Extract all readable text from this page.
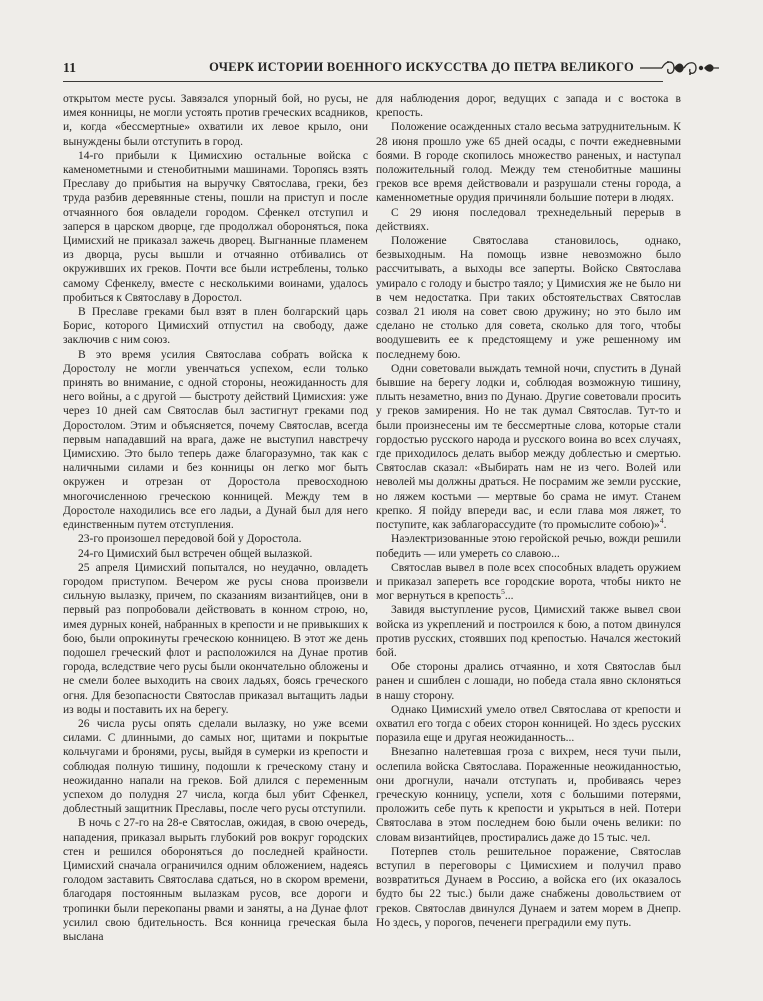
11	ОЧЕРК ИСТОРИИ ВОЕННОГО ИСКУССТВА ДО ПЕТРА ВЕЛИКОГО

открытом месте русы. Завязался упорный бой, но русы, не имея конницы, не могли устоять против греческих всадников, и, когда «бессмертные» охватили их левое крыло, они вынуждены были отступить в город.

14-го прибыли к Цимисхию остальные войска с каменометными и стенобитными машинами. Торопясь взять Преславу до прибытия на выручку Святослава, греки, без труда разбив деревянные стены, пошли на приступ и после отчаянного боя овладели городом. Сфенкел отступил и заперся в царском дворце, где продолжал обороняться, пока Цимисхий не приказал зажечь дворец. Выгнанные пламенем из дворца, русы вышли и отчаянно отбивались от окруживших их греков. Почти все были истреблены, только самому Сфенкелу, вместе с несколькими воинами, удалось пробиться к Святославу в Доростол.

В Преславе греками был взят в плен болгарский царь Борис, которого Цимисхий отпустил на свободу, даже заключив с ним союз.

В это время усилия Святослава собрать войска к Доростолу не могли увенчаться успехом, если только принять во внимание, с одной стороны, неожиданность для него войны, а с другой — быстроту действий Цимисхия: уже через 10 дней сам Святослав был застигнут греками под Доростолом. Этим и объясняется, почему Святослав, всегда первым нападавший на врага, даже не выступил навстречу Цимисхию. Это было теперь даже благоразумно, так как с наличными силами и без конницы он легко мог быть окружен и отрезан от Доростола превосходною многочисленною греческою конницей. Между тем в Доростоле находились все его ладьи, а Дунай был для него единственным путем отступления.

23-го произошел передовой бой у Доростола.

24-го Цимисхий был встречен общей вылазкой.

25 апреля Цимисхий попытался, но неудачно, овладеть городом приступом. Вечером же русы снова произвели сильную вылазку, причем, по сказаниям византийцев, они в первый раз попробовали действовать в конном строю, но, имея дурных коней, набранных в крепости и не привыкших к бою, были опрокинуты греческою конницею. В этот же день подошел греческий флот и расположился на Дунае против города, вследствие чего русы были окончательно обложены и не смели более выходить на своих ладьях, боясь греческого огня. Для безопасности Святослав приказал вытащить ладьи из воды и поставить их на берегу.

26 числа русы опять сделали вылазку, но уже всеми силами. С длинными, до самых ног, щитами и покрытые кольчугами и бронями, русы, выйдя в сумерки из крепости и соблюдая полную тишину, подошли к греческому стану и неожиданно напали на греков. Бой длился с переменным успехом до полудня 27 числа, когда был убит Сфенкел, доблестный защитник Преславы, после чего русы отступили.

В ночь с 27-го на 28-е Святослав, ожидая, в свою очередь, нападения, приказал вырыть глубокий ров вокруг городских стен и решился обороняться до последней крайности. Цимисхий сначала ограничился одним обложением, надеясь голодом заставить Святослава сдаться, но в скором времени, благодаря постоянным вылазкам русов, все дороги и тропинки были перекопаны рвами и заняты, а на Дунае флот усилил свою бдительность. Вся конница греческая была выслана

для наблюдения дорог, ведущих с запада и с востока в крепость.

Положение осажденных стало весьма затруднительным. К 28 июня прошло уже 65 дней осады, с почти ежедневными боями. В городе скопилось множество раненых, и наступал положительный голод. Между тем стенобитные машины греков все время действовали и разрушали стены города, а каменнометные орудия причиняли большие потери в людях.

С 29 июня последовал трехнедельный перерыв в действиях.

Положение Святослава становилось, однако, безвыходным. На помощь извне невозможно было рассчитывать, а выходы все заперты. Войско Святослава умирало с голоду и быстро таяло; у Цимисхия же не было ни в чем недостатка. При таких обстоятельствах Святослав созвал 21 июля на совет свою дружину; но это было им сделано не столько для совета, сколько для того, чтобы воодушевить ее к предстоящему и уже решенному им последнему бою.

Одни советовали выждать темной ночи, спустить в Дунай бывшие на берегу лодки и, соблюдая возможную тишину, плыть незаметно, вниз по Дунаю. Другие советовали просить у греков замирения. Но не так думал Святослав. Тут-то и были произнесены им те бессмертные слова, которые стали гордостью русского народа и русского воина во всех случаях, где приходилось делать выбор между доблестью и смертью. Святослав сказал: «Выбирать нам не из чего. Волей или неволей мы должны драться. Не посрамим же земли русские, но ляжем костьми — мертвые бо срама не имут. Станем крепко. Я пойду впереди вас, и если глава моя ляжет, то поступите, как заблагорассудите (то промыслите собою)»$^4$.

Наэлектризованные этою геройской речью, вожди решили победить — или умереть со славою...

Святослав вывел в поле всех способных владеть оружием и приказал запереть все городские ворота, чтобы никто не мог вернуться в крепость$^5$...

Завидя выступление русов, Цимисхий также вывел свои войска из укреплений и построился к бою, а потом двинулся против русских, стоявших под крепостью. Начался жестокий бой.

Обе стороны дрались отчаянно, и хотя Святослав был ранен и сшиблен с лошади, но победа стала явно склоняться в нашу сторону.

Однако Цимисхий умело отвел Святослава от крепости и охватил его тогда с обеих сторон конницей. Но здесь русских поразила еще и другая неожиданность...

Внезапно налетевшая гроза с вихрем, неся тучи пыли, ослепила войска Святослава. Пораженные неожиданностью, они дрогнули, начали отступать и, пробиваясь через греческую конницу, успели, хотя с большими потерями, проложить себе путь к крепости и укрыться в ней. Потери Святослава в этом последнем бою были очень велики: по словам византийцев, простирались даже до 15 тыс. чел.

Потерпев столь решительное поражение, Святослав вступил в переговоры с Цимисхием и получил право возвратиться Дунаем в Россию, а войска его (их оказалось будто бы 22 тыс.) были даже снабжены довольствием от греков. Святослав двинулся Дунаем и затем морем в Днепр. Но здесь, у порогов, печенеги преградили ему путь.
